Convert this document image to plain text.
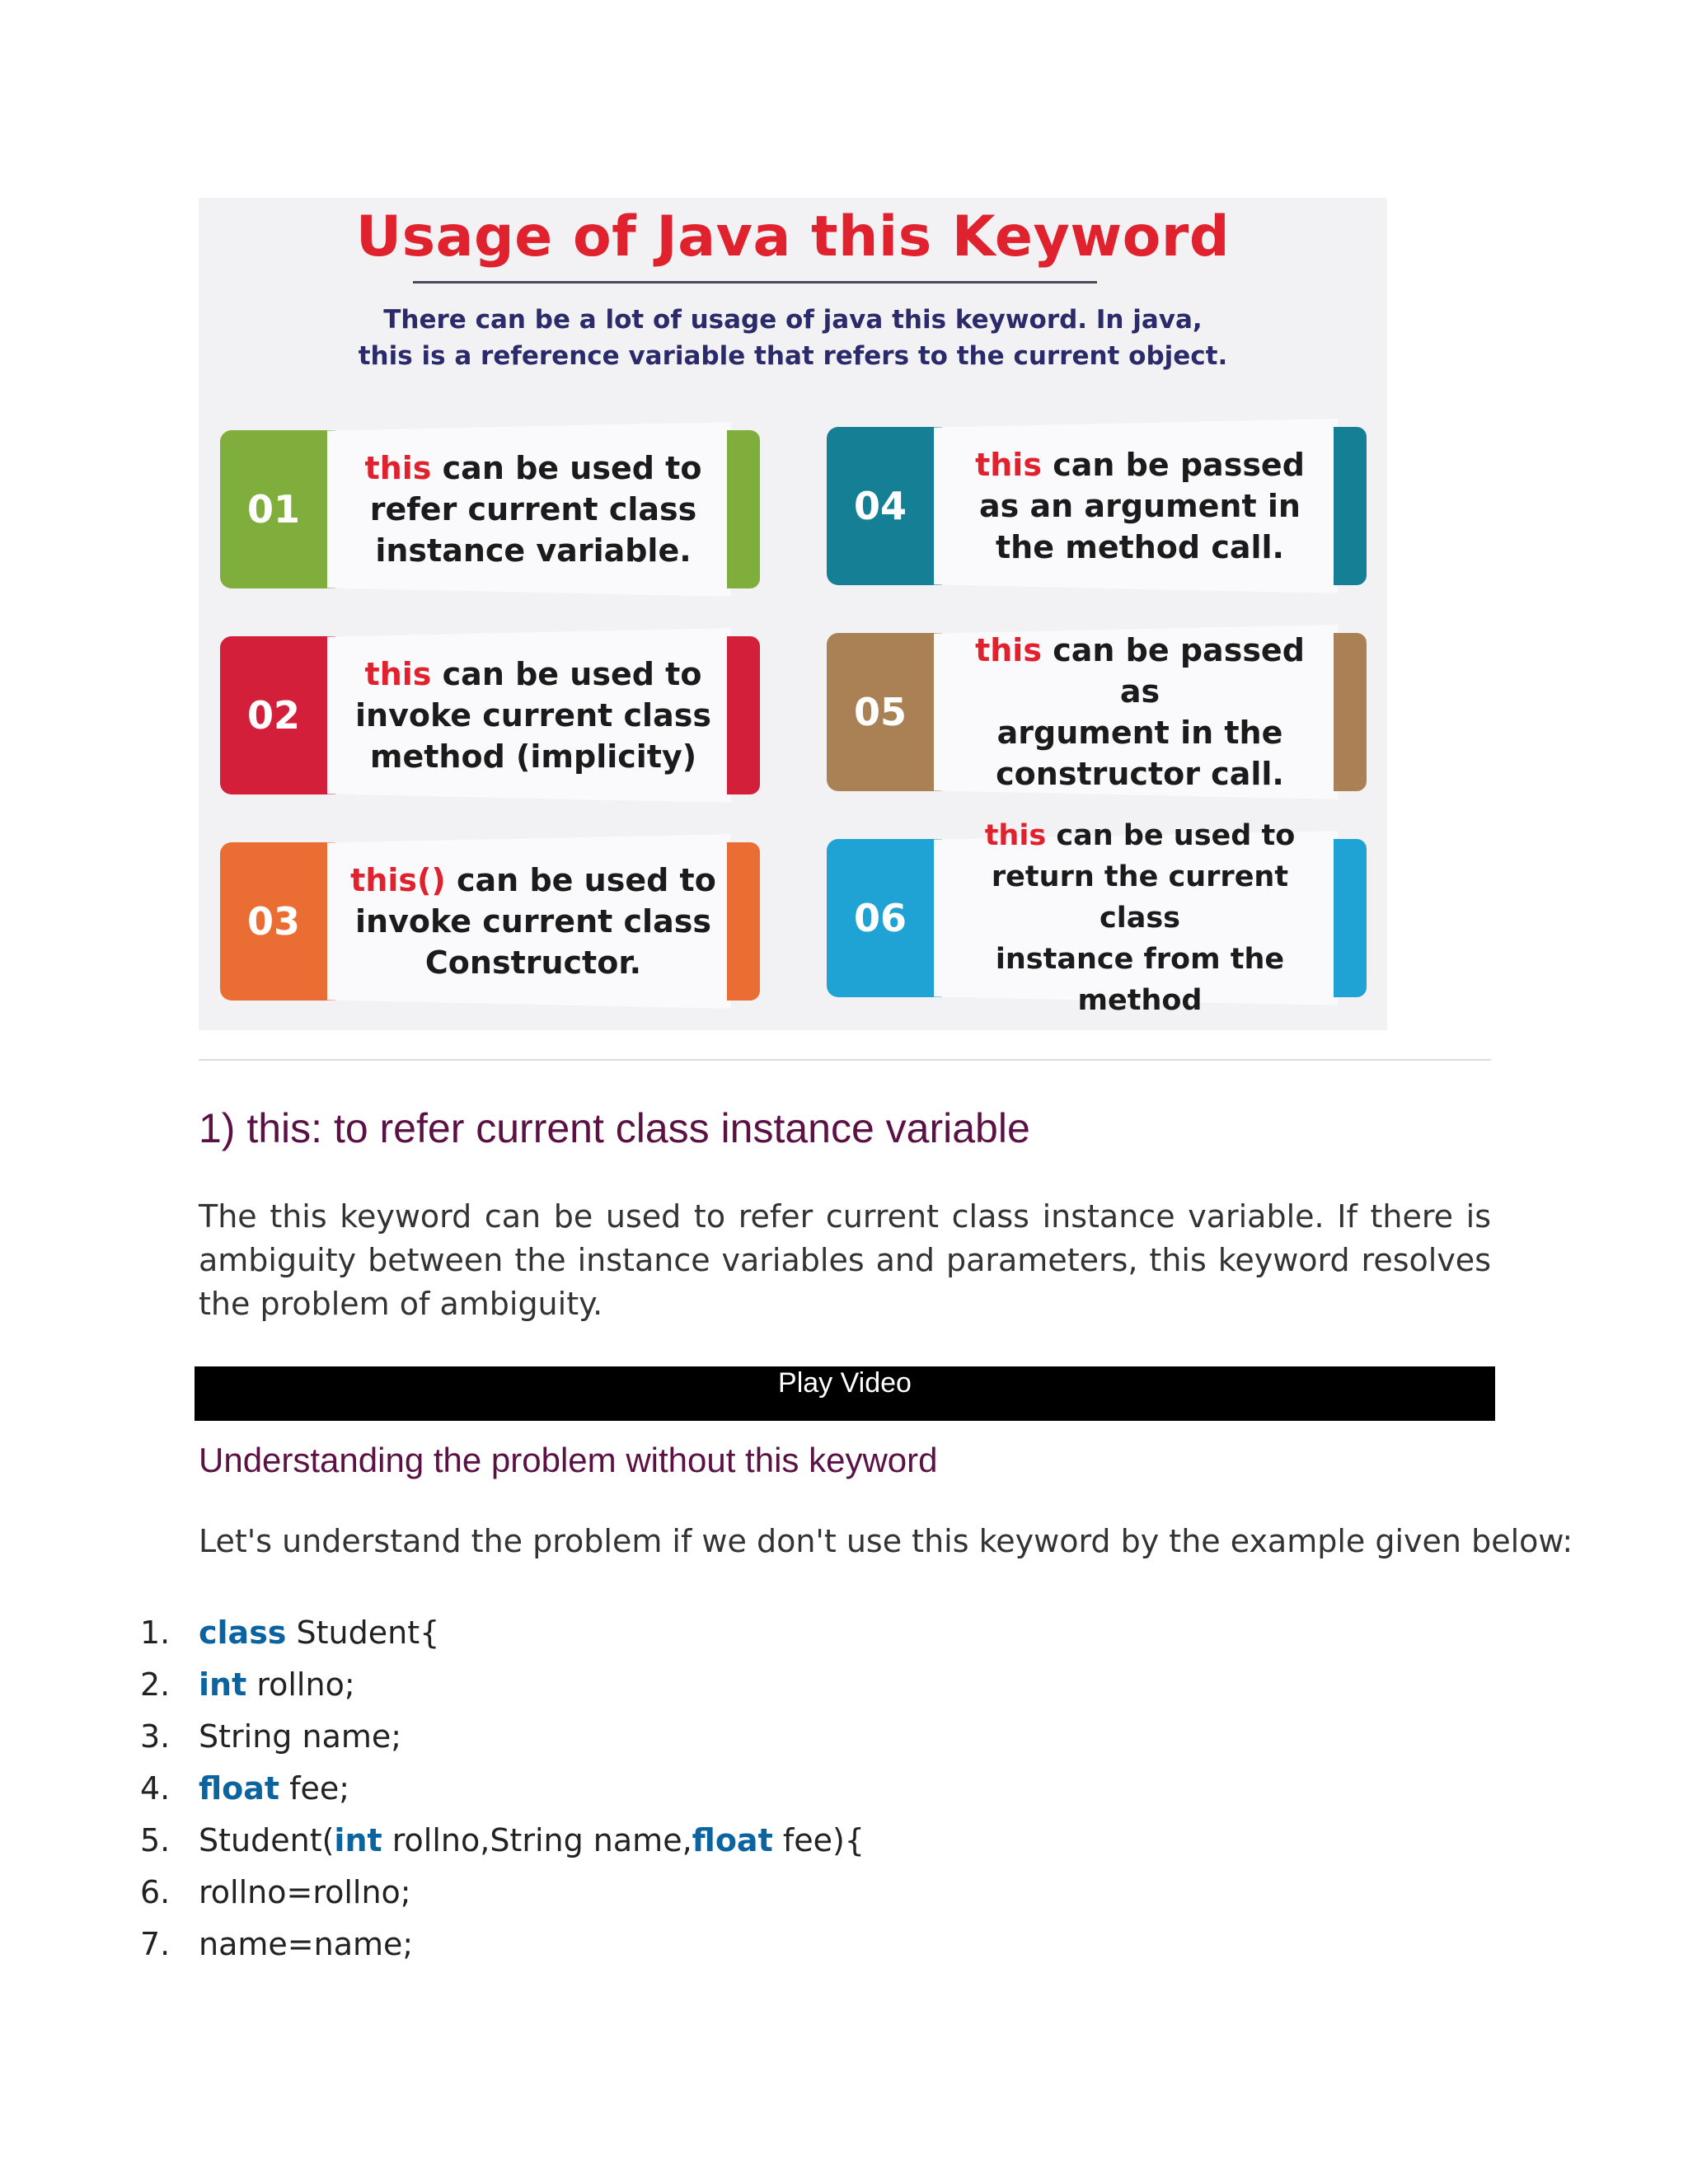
Usage of Java this Keyword
There can be a lot of usage of java this keyword. In java,
this is a reference variable that refers to the current object.
01
this can be used to
refer current class
instance variable.
02
this can be used to
invoke current class
method (implicity)
03
this() can be used to
invoke current class
Constructor.
04
this can be passed
as an argument in
the method call.
05
this can be passed as
argument in the
constructor call.
06
this can be used to
return the current class
instance from the method
1) this: to refer current class instance variable

The this keyword can be used to refer current class instance variable. If there is ambiguity between the instance variables and parameters, this keyword resolves the problem of ambiguity.

Play Video
Understanding the problem without this keyword

Let's understand the problem if we don't use this keyword by the example given below:

1. class Student{
2. int rollno;
3. String name;
4. float fee;
5. Student(int rollno,String name,float fee){
6. rollno=rollno;
7. name=name;
